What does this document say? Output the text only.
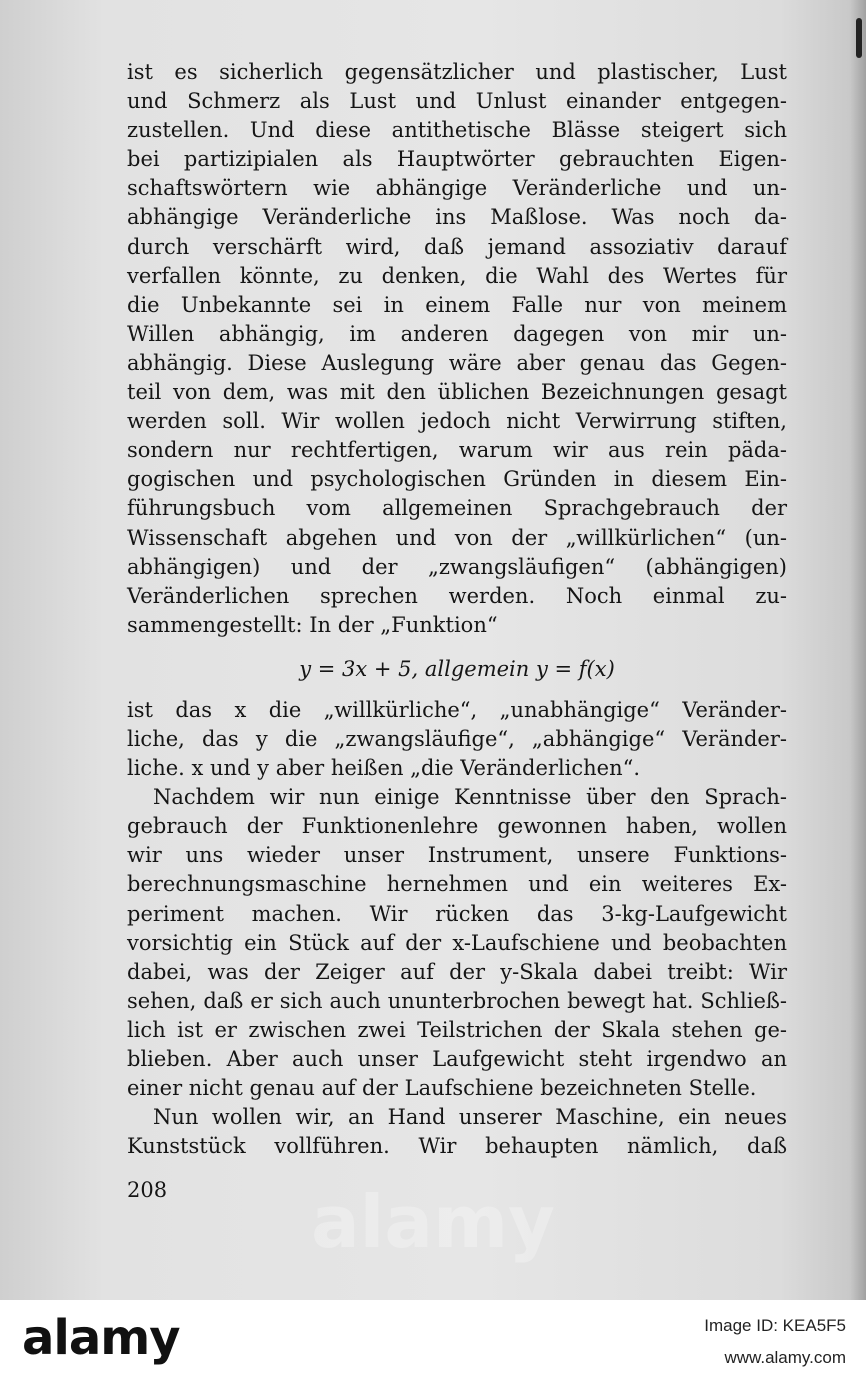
ist es sicherlich gegensätzlicher und plastischer, Lust
und Schmerz als Lust und Unlust einander entgegen-
zustellen. Und diese antithetische Blässe steigert sich
bei partizipialen als Hauptwörter gebrauchten Eigen-
schaftswörtern wie abhängige Veränderliche und un-
abhängige Veränderliche ins Maßlose. Was noch da-
durch verschärft wird, daß jemand assoziativ darauf
verfallen könnte, zu denken, die Wahl des Wertes für
die Unbekannte sei in einem Falle nur von meinem
Willen abhängig, im anderen dagegen von mir un-
abhängig. Diese Auslegung wäre aber genau das Gegen-
teil von dem, was mit den üblichen Bezeichnungen gesagt
werden soll. Wir wollen jedoch nicht Verwirrung stiften,
sondern nur rechtfertigen, warum wir aus rein päda-
gogischen und psychologischen Gründen in diesem Ein-
führungsbuch vom allgemeinen Sprachgebrauch der
Wissenschaft abgehen und von der „willkürlichen“ (un-
abhängigen) und der „zwangsläufigen“ (abhängigen)
Veränderlichen sprechen werden. Noch einmal zu-
sammengestellt: In der „Funktion“
y = 3x + 5, allgemein y = f(x)
ist das x die „willkürliche“, „unabhängige“ Veränder-
liche, das y die „zwangsläufige“, „abhängige“ Veränder-
liche. x und y aber heißen „die Veränderlichen“.
Nachdem wir nun einige Kenntnisse über den Sprach-
gebrauch der Funktionenlehre gewonnen haben, wollen
wir uns wieder unser Instrument, unsere Funktions-
berechnungsmaschine hernehmen und ein weiteres Ex-
periment machen. Wir rücken das 3-kg-Laufgewicht
vorsichtig ein Stück auf der x-Laufschiene und beobachten
dabei, was der Zeiger auf der y-Skala dabei treibt: Wir
sehen, daß er sich auch ununterbrochen bewegt hat. Schließ-
lich ist er zwischen zwei Teilstrichen der Skala stehen ge-
blieben. Aber auch unser Laufgewicht steht irgendwo an
einer nicht genau auf der Laufschiene bezeichneten Stelle.
Nun wollen wir, an Hand unserer Maschine, ein neues
Kunststück vollführen. Wir behaupten nämlich, daß
208	alamy
alamy	Image ID: KEA5F5
www.alamy.com
